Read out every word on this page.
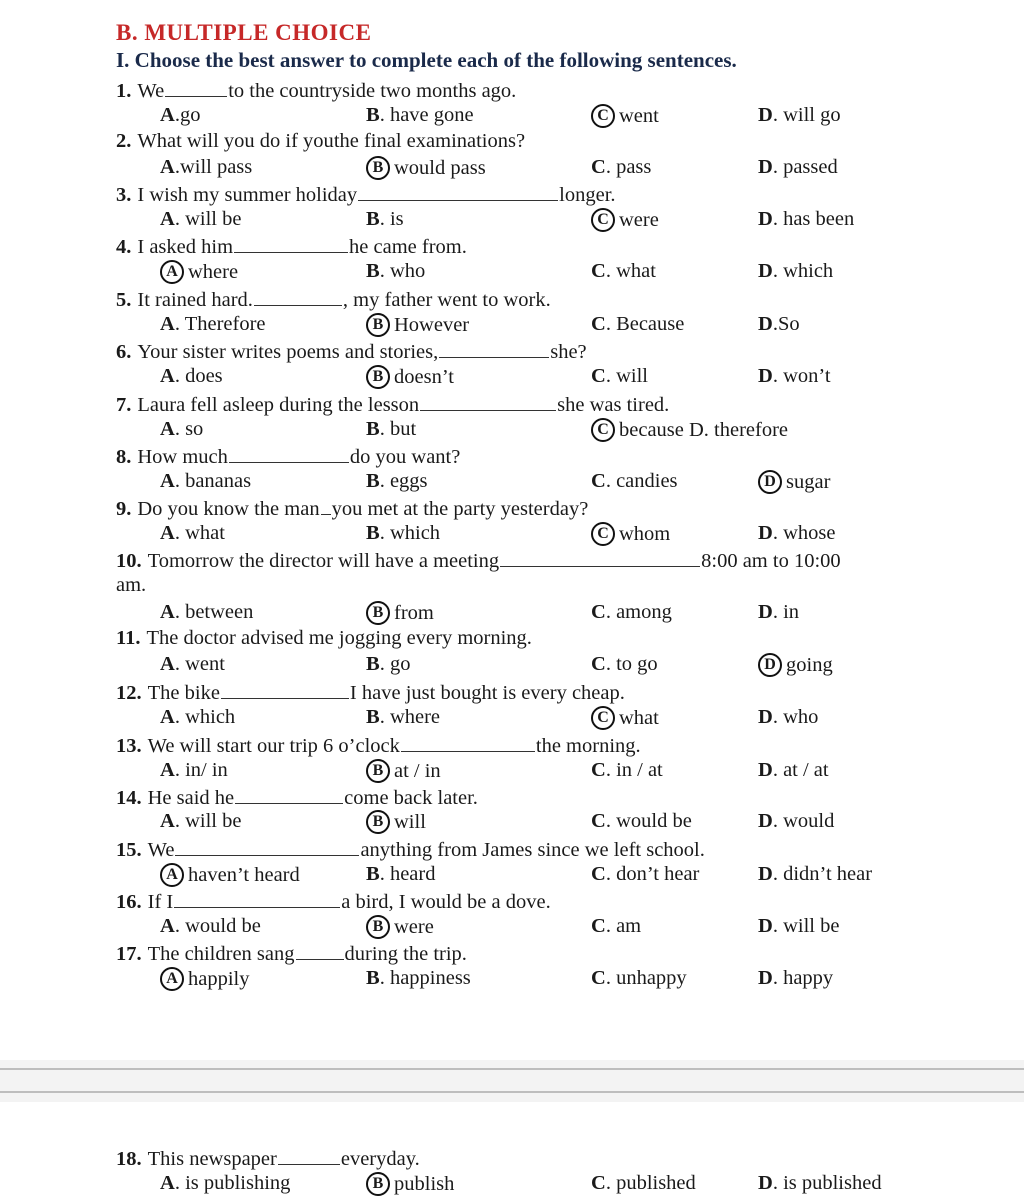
B. MULTIPLE CHOICE
I. Choose the best answer to complete each of the following sentences.
1. We	to the countryside two months ago.
A.go	B. have gone	C went	D. will go
2. What will you do if youthe final examinations?
A.will pass	B would pass	C. pass	D. passed
3. I wish my summer holiday	longer.
A. will be	B. is	C were	D. has been
4. I asked him	he came from.
A where	B. who	C. what	D. which
5. It rained hard.	, my father went to work.
A. Therefore	B However	C. Because	D.So
6. Your sister writes poems and stories,	she?
A. does	B doesn’t	C. will	D. won’t
7. Laura fell asleep during the lesson	she was tired.
A. so	B. but	C because D. therefore
8. How much	do you want?
A. bananas	B. eggs	C. candies	D sugar
9. Do you know the man you met at the party yesterday?
A. what	B. which	C whom	D. whose
10. Tomorrow the director will have a meeting	8:00 am to 10:00
am.
A. between	B from	C. among	D. in
11. The doctor advised me jogging every morning.
A. went	B. go	C. to go	D going
12. The bike	I have just bought is every cheap.
A. which	B. where	C what	D. who
13. We will start our trip 6 o’clock	the morning.
A. in/ in	B at / in	C. in / at	D. at / at
14. He said he	come back later.
A. will be	B will	C. would be	D. would
15. We	anything from James since we left school.
A haven’t heard	B. heard	C. don’t hear	D. didn’t hear
16. If I	a bird, I would be a dove.
A. would be	B were	C. am	D. will be
17. The children sang during the trip.
A happily	B. happiness	C. unhappy	D. happy
18. This newspaper	everyday.
A. is publishing	B publish	C. published	D. is published
